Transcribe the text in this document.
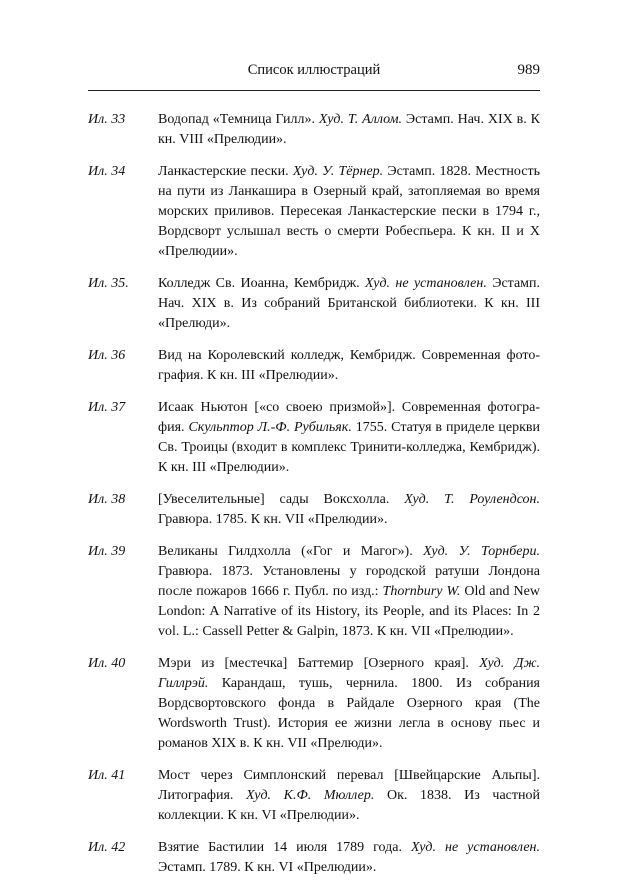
Список иллюстраций	989
Ил. 33	Водопад «Темница Гилл». Худ. Т. Аллом. Эстамп. Нач. XIX в. К кн. VIII «Прелюдии».
Ил. 34	Ланкастерские пески. Худ. У. Тёрнер. Эстамп. 1828. Местность на пути из Ланкашира в Озерный край, затопляемая во время морских приливов. Пересекая Ланкастерские пески в 1794 г., Вордсворт услышал весть о смерти Робеспьера. К кн. II и X «Прелюдии».
Ил. 35.	Колледж Св. Иоанна, Кембридж. Худ. не установлен. Эстамп. Нач. XIX в. Из собраний Британской библиотеки. К кн. III «Прелюди».
Ил. 36	Вид на Королевский колледж, Кембридж. Современная фотография. К кн. III «Прелюдии».
Ил. 37	Исаак Ньютон [«со своею призмой»]. Современная фотография. Скульптор Л.-Ф. Рубильяк. 1755. Статуя в приделе церкви Св. Троицы (входит в комплекс Тринити-колледжа, Кембридж). К кн. III «Прелюдии».
Ил. 38	[Увеселительные] сады Воксхолла. Худ. Т. Роулендсон. Гравюра. 1785. К кн. VII «Прелюдии».
Ил. 39	Великаны Гилдхолла («Гог и Магог»). Худ. У. Торнбери. Гравюра. 1873. Установлены у городской ратуши Лондона после пожаров 1666 г. Публ. по изд.: Thornbury W. Old and New London: A Narrative of its History, its People, and its Places: In 2 vol. L.: Cassell Petter & Galpin, 1873. К кн. VII «Прелюдии».
Ил. 40	Мэри из [местечка] Баттемир [Озерного края]. Худ. Дж. Гиллрэй. Карандаш, тушь, чернила. 1800. Из собрания Вордсвортовского фонда в Райдале Озерного края (The Wordsworth Trust). История ее жизни легла в основу пьес и романов XIX в. К кн. VII «Прелюди».
Ил. 41	Мост через Симплонский перевал [Швейцарские Альпы]. Литография. Худ. К.Ф. Мюллер. Ок. 1838. Из частной коллекции. К кн. VI «Прелюдии».
Ил. 42	Взятие Бастилии 14 июля 1789 года. Худ. не установлен. Эстамп. 1789. К кн. VI «Прелюдии».
